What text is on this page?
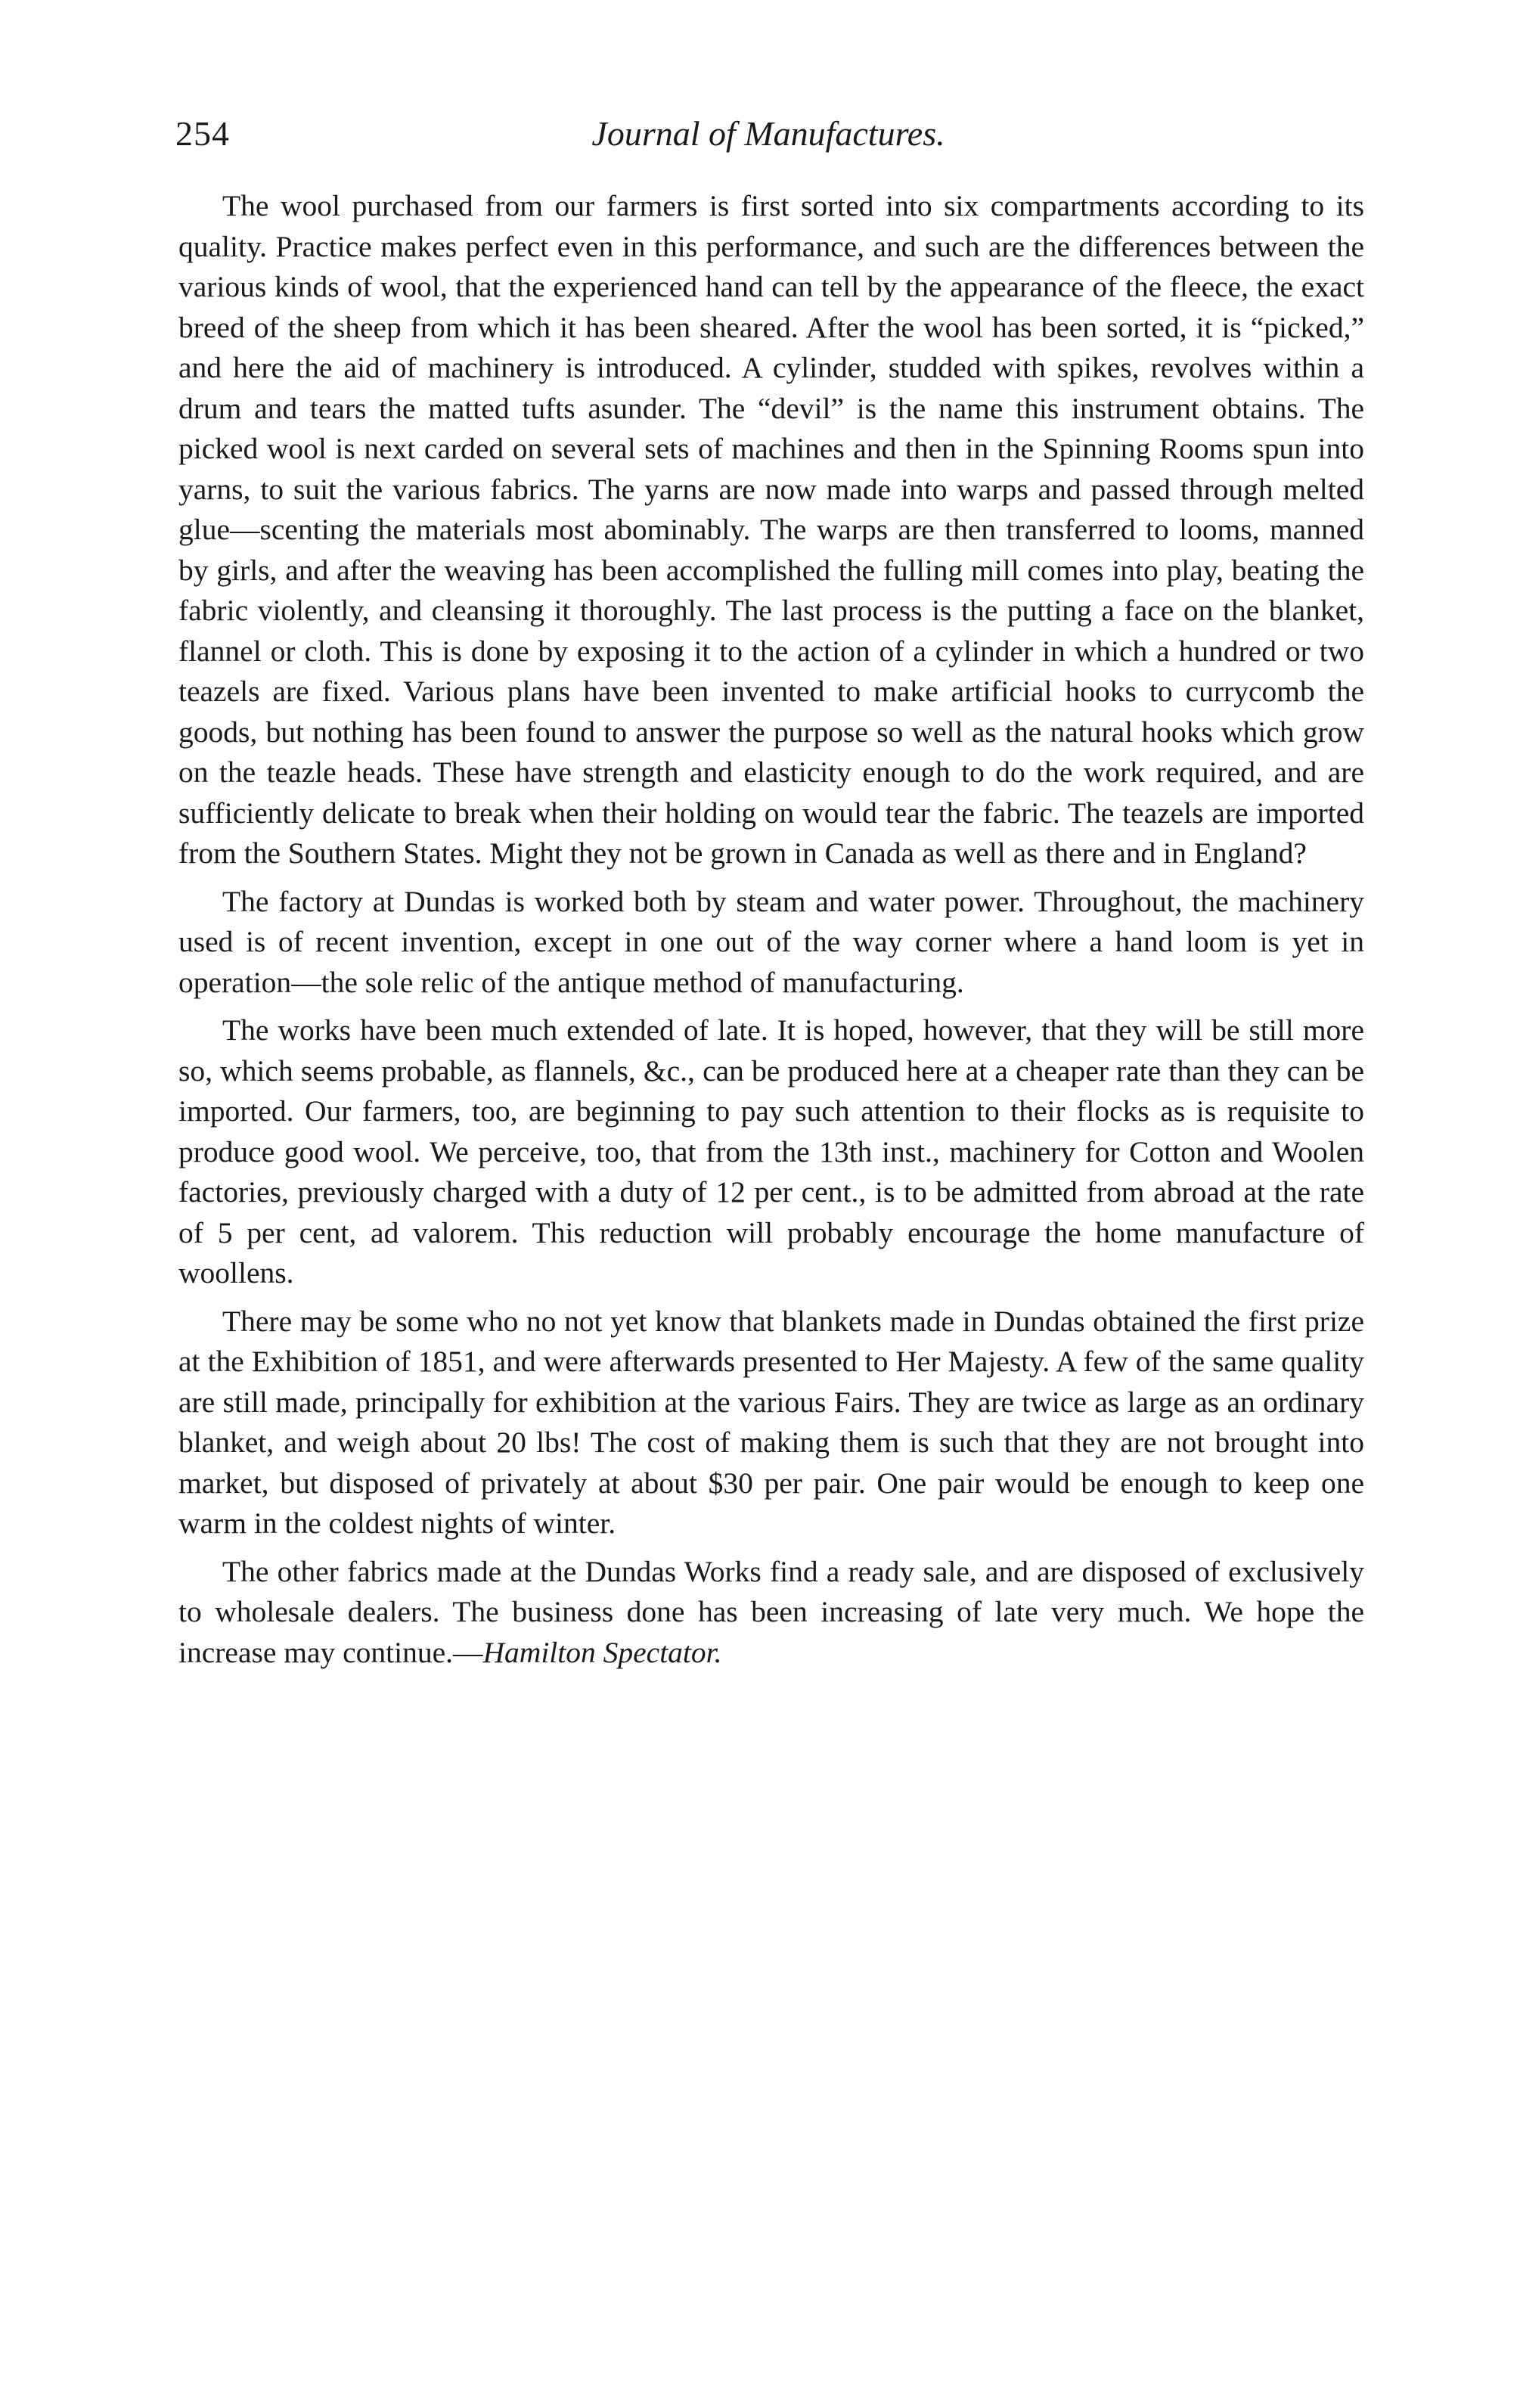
254	Journal of Manufactures.

The wool purchased from our farmers is first sorted into six compartments according to its quality. Practice makes perfect even in this performance, and such are the differences between the various kinds of wool, that the experienced hand can tell by the appearance of the fleece, the exact breed of the sheep from which it has been sheared. After the wool has been sorted, it is “picked,” and here the aid of machinery is introduced. A cylinder, studded with spikes, revolves within a drum and tears the matted tufts asunder. The “devil” is the name this instrument obtains. The picked wool is next carded on several sets of machines and then in the Spinning Rooms spun into yarns, to suit the various fabrics. The yarns are now made into warps and passed through melted glue—scenting the materials most abominably. The warps are then transferred to looms, manned by girls, and after the weaving has been accomplished the fulling mill comes into play, beating the fabric violently, and cleansing it thoroughly. The last process is the putting a face on the blanket, flannel or cloth. This is done by exposing it to the action of a cylinder in which a hundred or two teazels are fixed. Various plans have been invented to make artificial hooks to currycomb the goods, but nothing has been found to answer the purpose so well as the natural hooks which grow on the teazle heads. These have strength and elasticity enough to do the work required, and are sufficiently delicate to break when their holding on would tear the fabric. The teazels are imported from the Southern States. Might they not be grown in Canada as well as there and in England?

The factory at Dundas is worked both by steam and water power. Throughout, the machinery used is of recent invention, except in one out of the way corner where a hand loom is yet in operation—the sole relic of the antique method of manufacturing.

The works have been much extended of late. It is hoped, however, that they will be still more so, which seems probable, as flannels, &c., can be produced here at a cheaper rate than they can be imported. Our farmers, too, are beginning to pay such attention to their flocks as is requisite to produce good wool. We perceive, too, that from the 13th inst., machinery for Cotton and Woolen factories, previously charged with a duty of 12 per cent., is to be admitted from abroad at the rate of 5 per cent, ad valorem. This reduction will probably encourage the home manufacture of woollens.

There may be some who no not yet know that blankets made in Dundas obtained the first prize at the Exhibition of 1851, and were afterwards presented to Her Majesty. A few of the same quality are still made, principally for exhibition at the various Fairs. They are twice as large as an ordinary blanket, and weigh about 20 lbs! The cost of making them is such that they are not brought into market, but disposed of privately at about $30 per pair. One pair would be enough to keep one warm in the coldest nights of winter.

The other fabrics made at the Dundas Works find a ready sale, and are disposed of exclusively to wholesale dealers. The business done has been increasing of late very much. We hope the increase may continue.—Hamilton Spectator.
